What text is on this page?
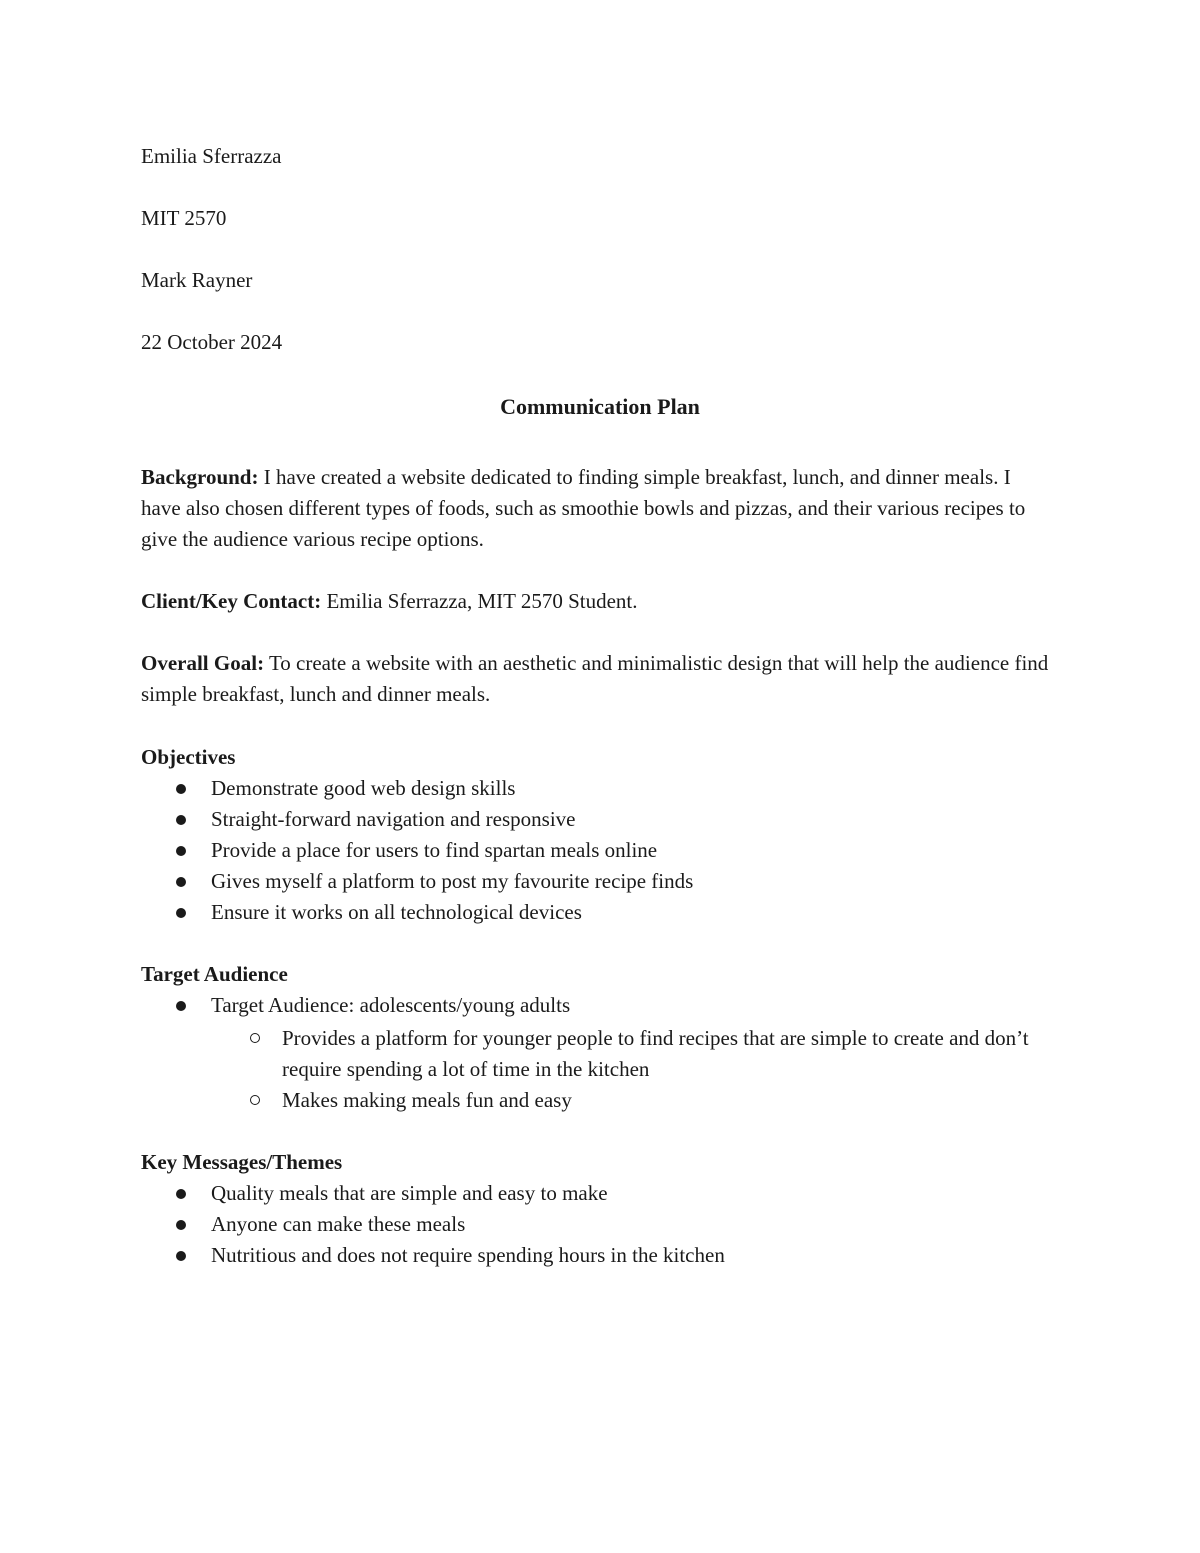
Emilia Sferrazza
MIT 2570
Mark Rayner
22 October 2024
Communication Plan
Background: I have created a website dedicated to finding simple breakfast, lunch, and dinner meals. I have also chosen different types of foods, such as smoothie bowls and pizzas, and their various recipes to give the audience various recipe options.
Client/Key Contact: Emilia Sferrazza, MIT 2570 Student.
Overall Goal: To create a website with an aesthetic and minimalistic design that will help the audience find simple breakfast, lunch and dinner meals.
Objectives
Demonstrate good web design skills
Straight-forward navigation and responsive
Provide a place for users to find spartan meals online
Gives myself a platform to post my favourite recipe finds
Ensure it works on all technological devices
Target Audience
Target Audience: adolescents/young adults
Provides a platform for younger people to find recipes that are simple to create and don’t require spending a lot of time in the kitchen
Makes making meals fun and easy
Key Messages/Themes
Quality meals that are simple and easy to make
Anyone can make these meals
Nutritious and does not require spending hours in the kitchen
